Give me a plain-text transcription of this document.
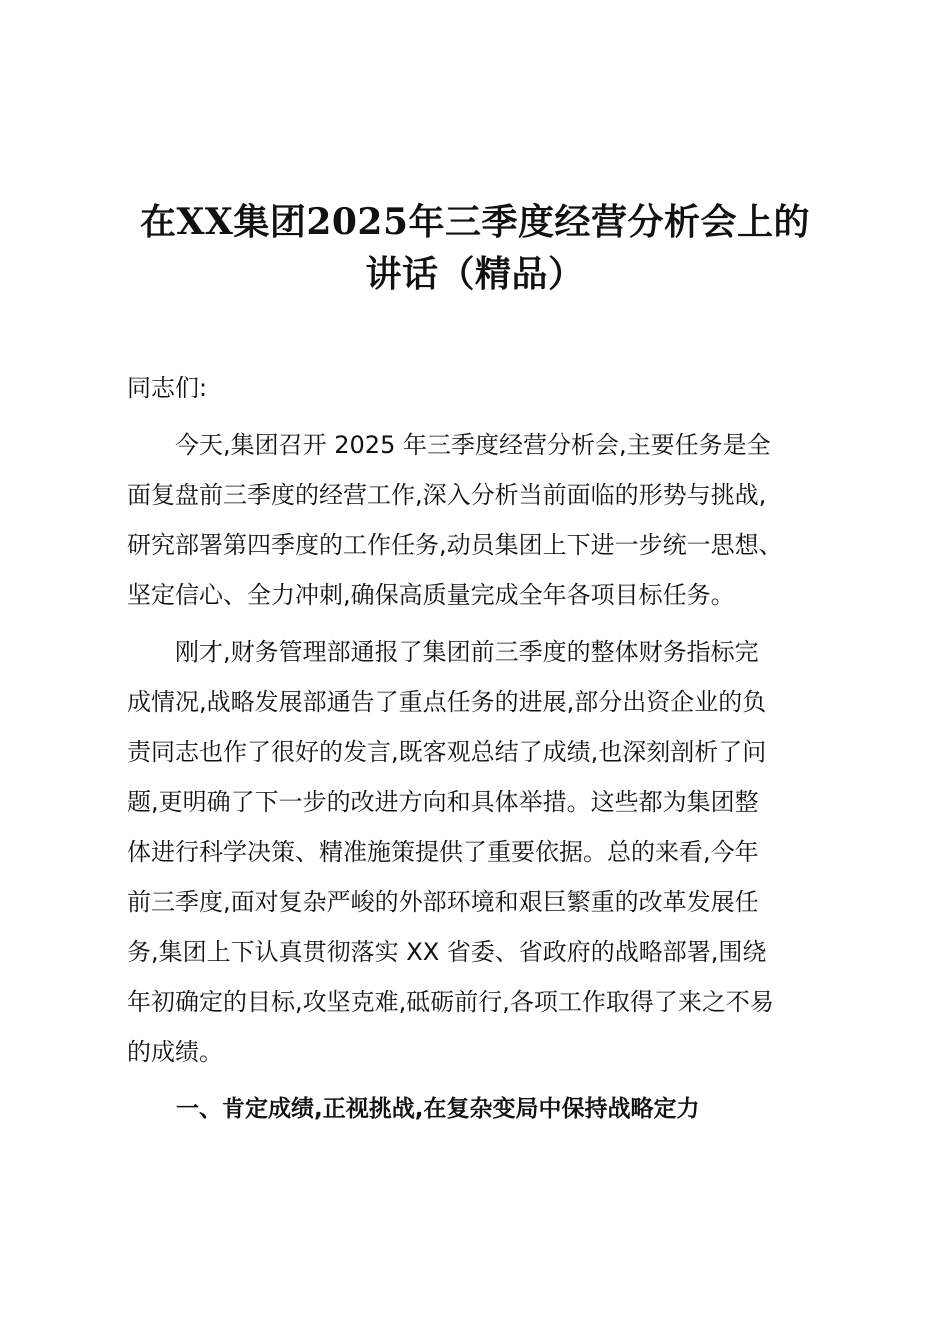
在XX集团2025年三季度经营分析会上的
讲话（精品）

同志们:

今天,集团召开 2025 年三季度经营分析会,主要任务是全
面复盘前三季度的经营工作,深入分析当前面临的形势与挑战,
研究部署第四季度的工作任务,动员集团上下进一步统一思想、
坚定信心、全力冲刺,确保高质量完成全年各项目标任务。
刚才,财务管理部通报了集团前三季度的整体财务指标完
成情况,战略发展部通告了重点任务的进展,部分出资企业的负
责同志也作了很好的发言,既客观总结了成绩,也深刻剖析了问
题,更明确了下一步的改进方向和具体举措。这些都为集团整
体进行科学决策、精准施策提供了重要依据。总的来看,今年
前三季度,面对复杂严峻的外部环境和艰巨繁重的改革发展任
务,集团上下认真贯彻落实 XX 省委、省政府的战略部署,围绕
年初确定的目标,攻坚克难,砥砺前行,各项工作取得了来之不易
的成绩。
一、肯定成绩,正视挑战,在复杂变局中保持战略定力
